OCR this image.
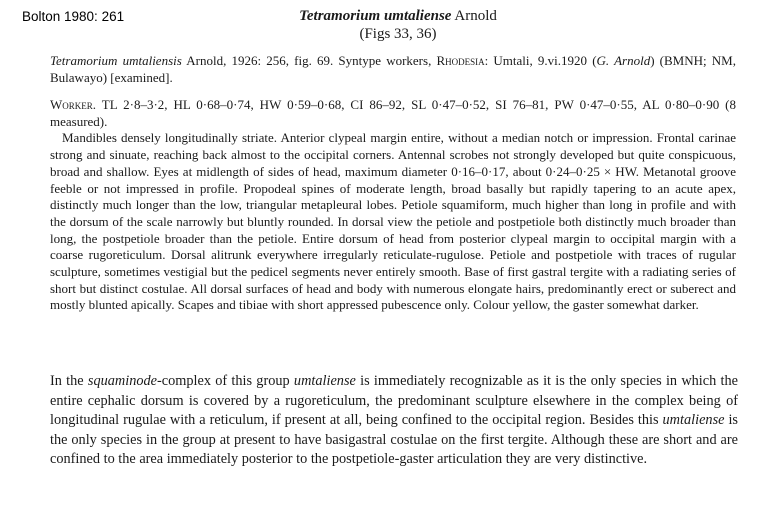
Bolton 1980: 261	Tetramorium umtaliense Arnold
(Figs 33, 36)
Tetramorium umtaliensis Arnold, 1926: 256, fig. 69. Syntype workers, Rhodesia: Umtali, 9.vi.1920 (G. Arnold) (BMNH; NM, Bulawayo) [examined].

Worker. TL 2·8–3·2, HL 0·68–0·74, HW 0·59–0·68, CI 86–92, SL 0·47–0·52, SI 76–81, PW 0·47–0·55, AL 0·80–0·90 (8 measured).

Mandibles densely longitudinally striate. Anterior clypeal margin entire, without a median notch or impression. Frontal carinae strong and sinuate, reaching back almost to the occipital corners. Antennal scrobes not strongly developed but quite conspicuous, broad and shallow. Eyes at midlength of sides of head, maximum diameter 0·16–0·17, about 0·24–0·25 × HW. Metanotal groove feeble or not impressed in profile. Propodeal spines of moderate length, broad basally but rapidly tapering to an acute apex, distinctly much longer than the low, triangular metapleural lobes. Petiole squamiform, much higher than long in profile and with the dorsum of the scale narrowly but bluntly rounded. In dorsal view the petiole and postpetiole both distinctly much broader than long, the postpetiole broader than the petiole. Entire dorsum of head from posterior clypeal margin to occipital margin with a coarse rugoreticulum. Dorsal alitrunk everywhere irregularly reticulate-rugulose. Petiole and postpetiole with traces of rugular sculpture, sometimes vestigial but the pedicel segments never entirely smooth. Base of first gastral tergite with a radiating series of short but distinct costulae. All dorsal surfaces of head and body with numerous elongate hairs, predominantly erect or suberect and mostly blunted apically. Scapes and tibiae with short appressed pubescence only. Colour yellow, the gaster somewhat darker.

In the squaminode-complex of this group umtaliense is immediately recognizable as it is the only species in which the entire cephalic dorsum is covered by a rugoreticulum, the predominant sculpture elsewhere in the complex being of longitudinal rugulae with a reticulum, if present at all, being confined to the occipital region. Besides this umtaliense is the only species in the group at present to have basigastral costulae on the first tergite. Although these are short and are confined to the area immediately posterior to the postpetiole-gaster articulation they are very distinctive.
